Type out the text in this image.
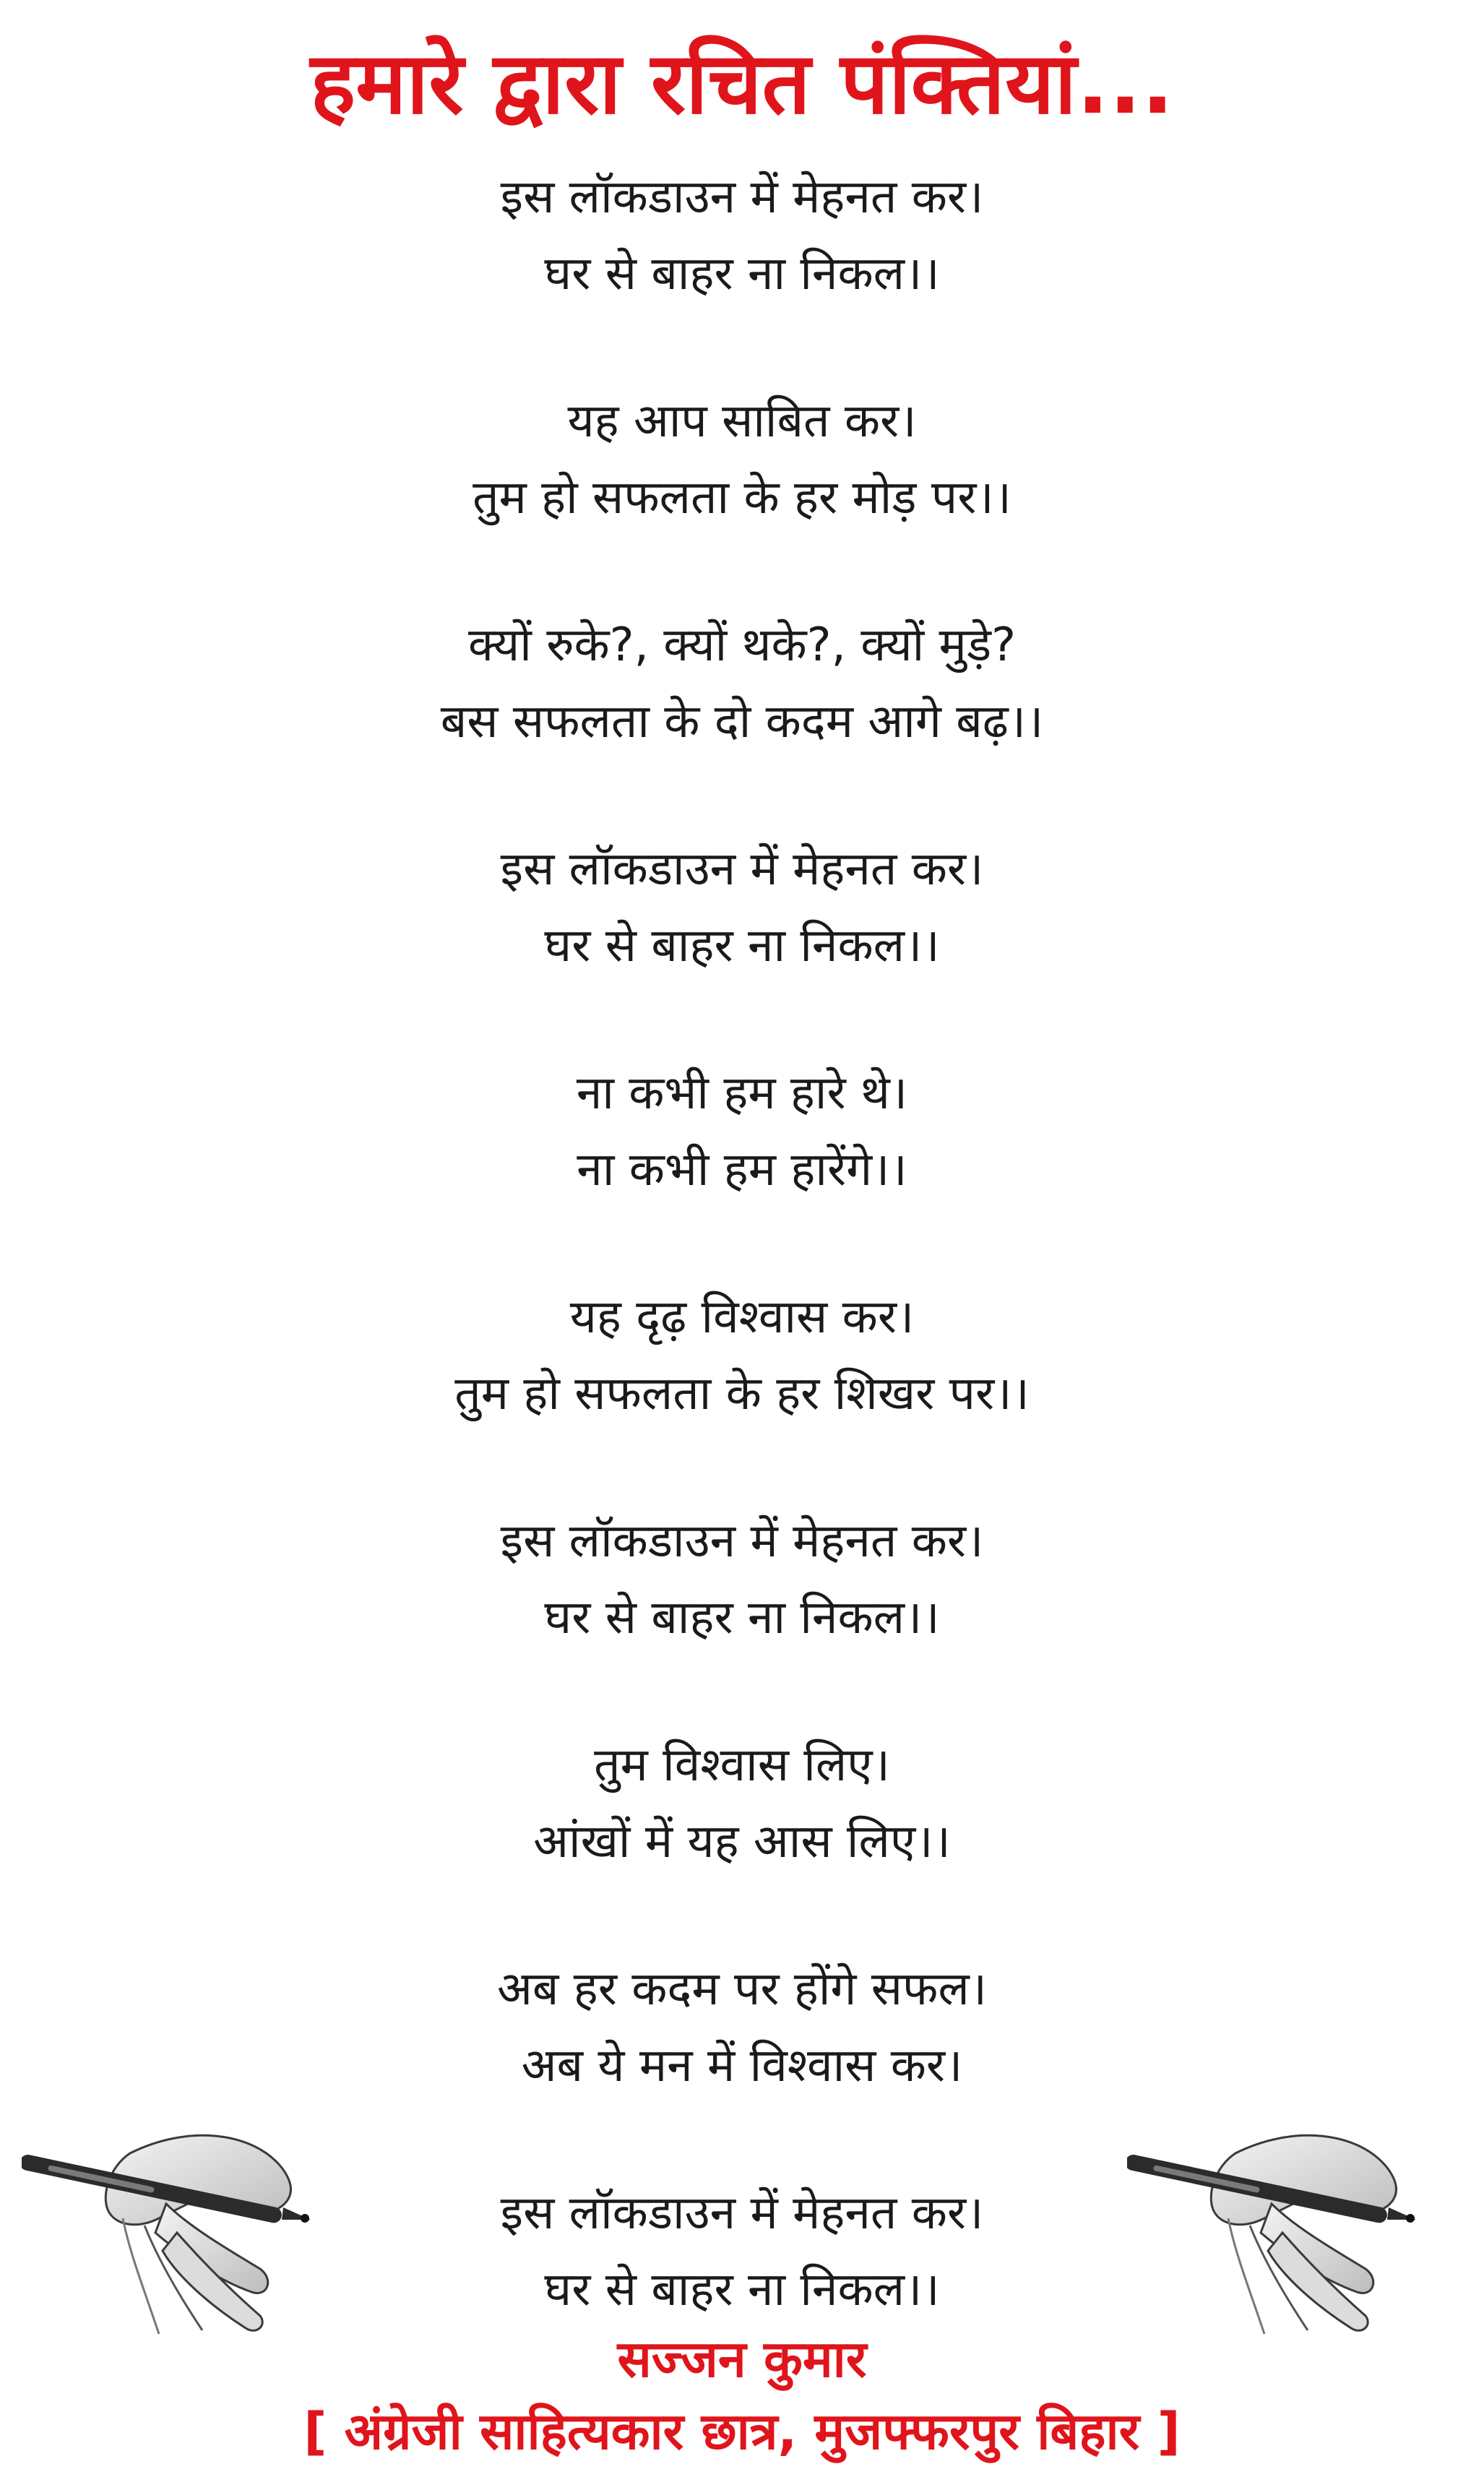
हमारे द्वारा रचित पंक्तियां...
इस लॉकडाउन में मेहनत कर।
घर से बाहर ना निकल।।
यह आप साबित कर।
तुम हो सफलता के हर मोड़ पर।।
क्यों रुके?, क्यों थके?, क्यों मुड़े?
बस सफलता के दो कदम आगे बढ़।।
इस लॉकडाउन में मेहनत कर।
घर से बाहर ना निकल।।
ना कभी हम हारे थे।
ना कभी हम हारेंगे।।
यह दृढ़ विश्वास कर।
तुम हो सफलता के हर शिखर पर।।
इस लॉकडाउन में मेहनत कर।
घर से बाहर ना निकल।।
तुम विश्वास लिए।
आंखों में यह आस लिए।।
अब हर कदम पर होंगे सफल।
अब ये मन में विश्वास कर।
इस लॉकडाउन में मेहनत कर।
घर से बाहर ना निकल।।
सज्जन कुमार
[ अंग्रेजी साहित्यकार छात्र, मुजफ्फरपुर बिहार ]
